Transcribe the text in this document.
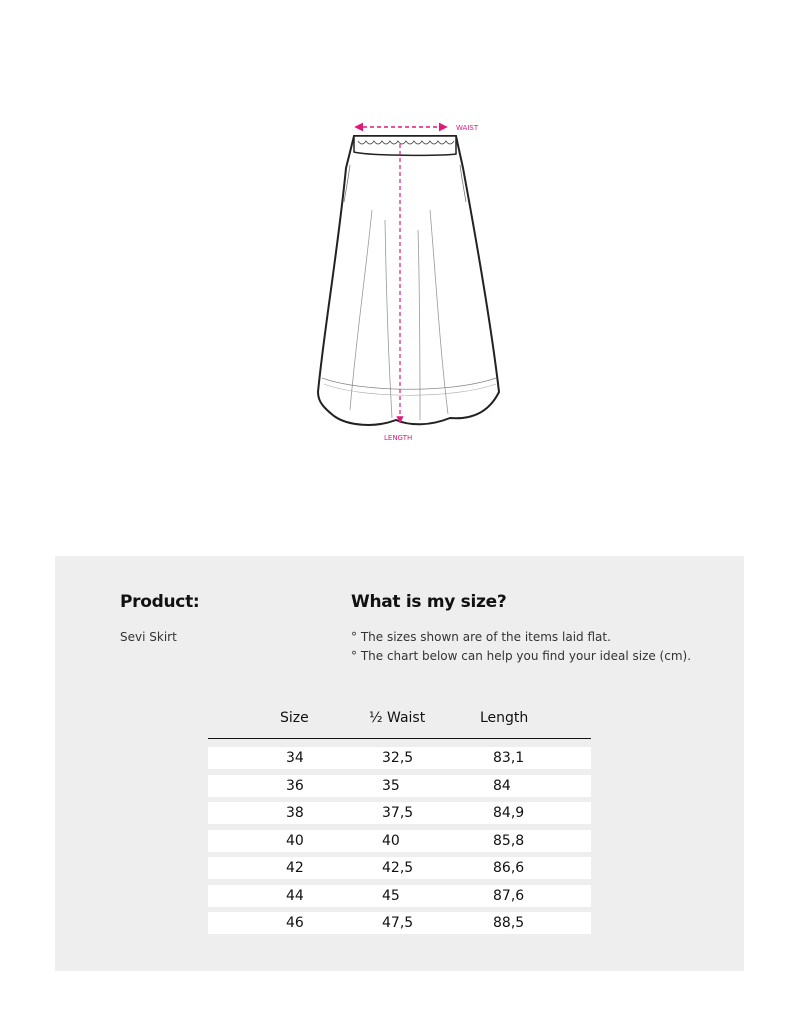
WAIST
LENGTH
Product:
Sevi Skirt
What is my size?
° The sizes shown are of the items laid flat.
° The chart below can help you find your ideal size (cm).
Size	½ Waist	Length
34	32,5	83,1
36	35	84
38	37,5	84,9
40	40	85,8
42	42,5	86,6
44	45	87,6
46	47,5	88,5
